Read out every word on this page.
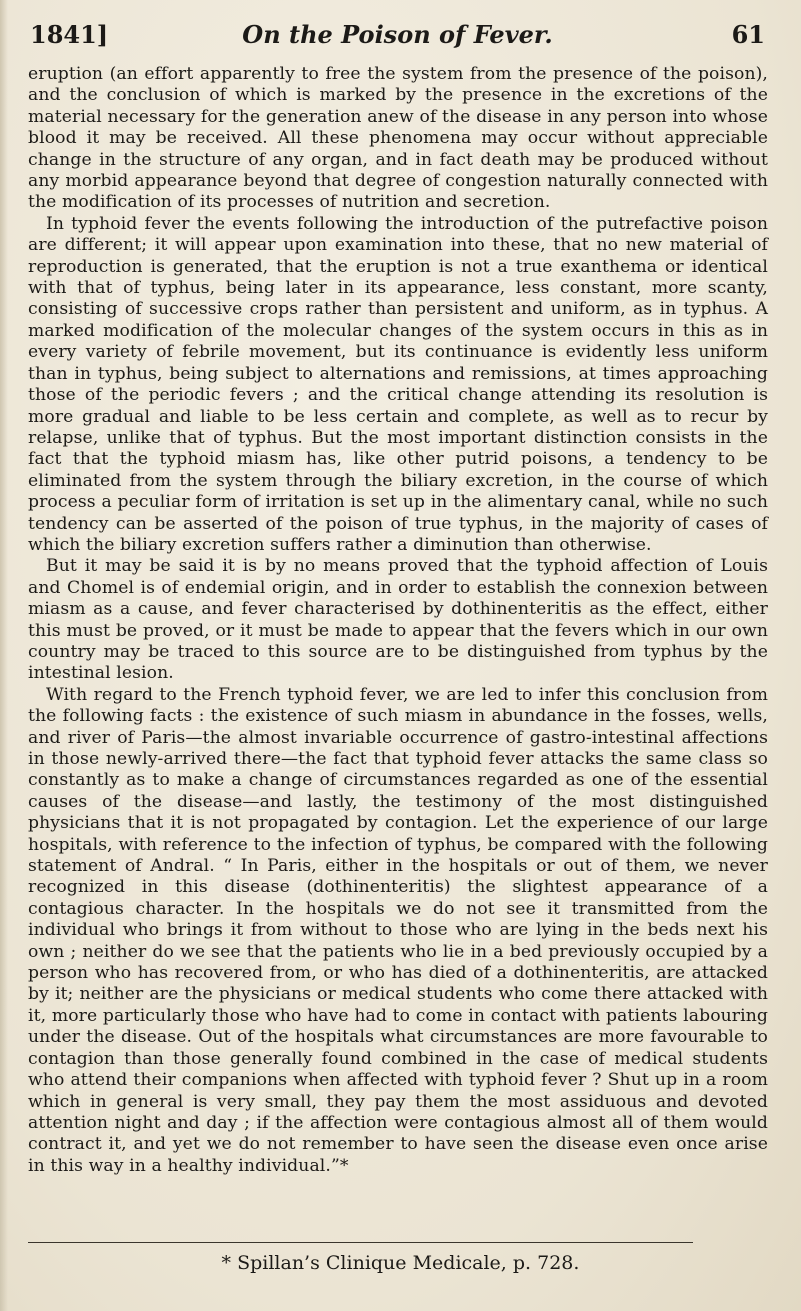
1841]	On the Poison of Fever.	61

eruption (an effort apparently to free the system from the presence of the poison), and the conclusion of which is marked by the presence in the excretions of the material necessary for the generation anew of the disease in any person into whose blood it may be received. All these phenomena may occur without appreciable change in the structure of any organ, and in fact death may be produced without any morbid appearance beyond that degree of congestion naturally connected with the modification of its processes of nutrition and secretion.

In typhoid fever the events following the introduction of the putrefactive poison are different; it will appear upon examination into these, that no new material of reproduction is generated, that the eruption is not a true exanthema or identical with that of typhus, being later in its appearance, less constant, more scanty, consisting of successive crops rather than persistent and uniform, as in typhus. A marked modification of the molecular changes of the system occurs in this as in every variety of febrile movement, but its continuance is evidently less uniform than in typhus, being subject to alternations and remissions, at times approaching those of the periodic fevers ; and the critical change attending its resolution is more gradual and liable to be less certain and complete, as well as to recur by relapse, unlike that of typhus. But the most important distinction consists in the fact that the typhoid miasm has, like other putrid poisons, a tendency to be eliminated from the system through the biliary excretion, in the course of which process a peculiar form of irritation is set up in the alimentary canal, while no such tendency can be asserted of the poison of true typhus, in the majority of cases of which the biliary excretion suffers rather a diminution than otherwise.

But it may be said it is by no means proved that the typhoid affection of Louis and Chomel is of endemial origin, and in order to establish the connexion between miasm as a cause, and fever characterised by dothinenteritis as the effect, either this must be proved, or it must be made to appear that the fevers which in our own country may be traced to this source are to be distinguished from typhus by the intestinal lesion.

With regard to the French typhoid fever, we are led to infer this conclusion from the following facts : the existence of such miasm in abundance in the fosses, wells, and river of Paris—the almost invariable occurrence of gastro-intestinal affections in those newly-arrived there—the fact that typhoid fever attacks the same class so constantly as to make a change of circumstances regarded as one of the essential causes of the disease—and lastly, the testimony of the most distinguished physicians that it is not propagated by contagion. Let the experience of our large hospitals, with reference to the infection of typhus, be compared with the following statement of Andral. “ In Paris, either in the hospitals or out of them, we never recognized in this disease (dothinenteritis) the slightest appearance of a contagious character. In the hospitals we do not see it transmitted from the individual who brings it from without to those who are lying in the beds next his own ; neither do we see that the patients who lie in a bed previously occupied by a person who has recovered from, or who has died of a dothinenteritis, are attacked by it; neither are the physicians or medical students who come there attacked with it, more particularly those who have had to come in contact with patients labouring under the disease. Out of the hospitals what circumstances are more favourable to contagion than those generally found combined in the case of medical students who attend their companions when affected with typhoid fever ? Shut up in a room which in general is very small, they pay them the most assiduous and devoted attention night and day ; if the affection were contagious almost all of them would contract it, and yet we do not remember to have seen the disease even once arise in this way in a healthy individual.”*

* Spillan’s Clinique Medicale, p. 728.
